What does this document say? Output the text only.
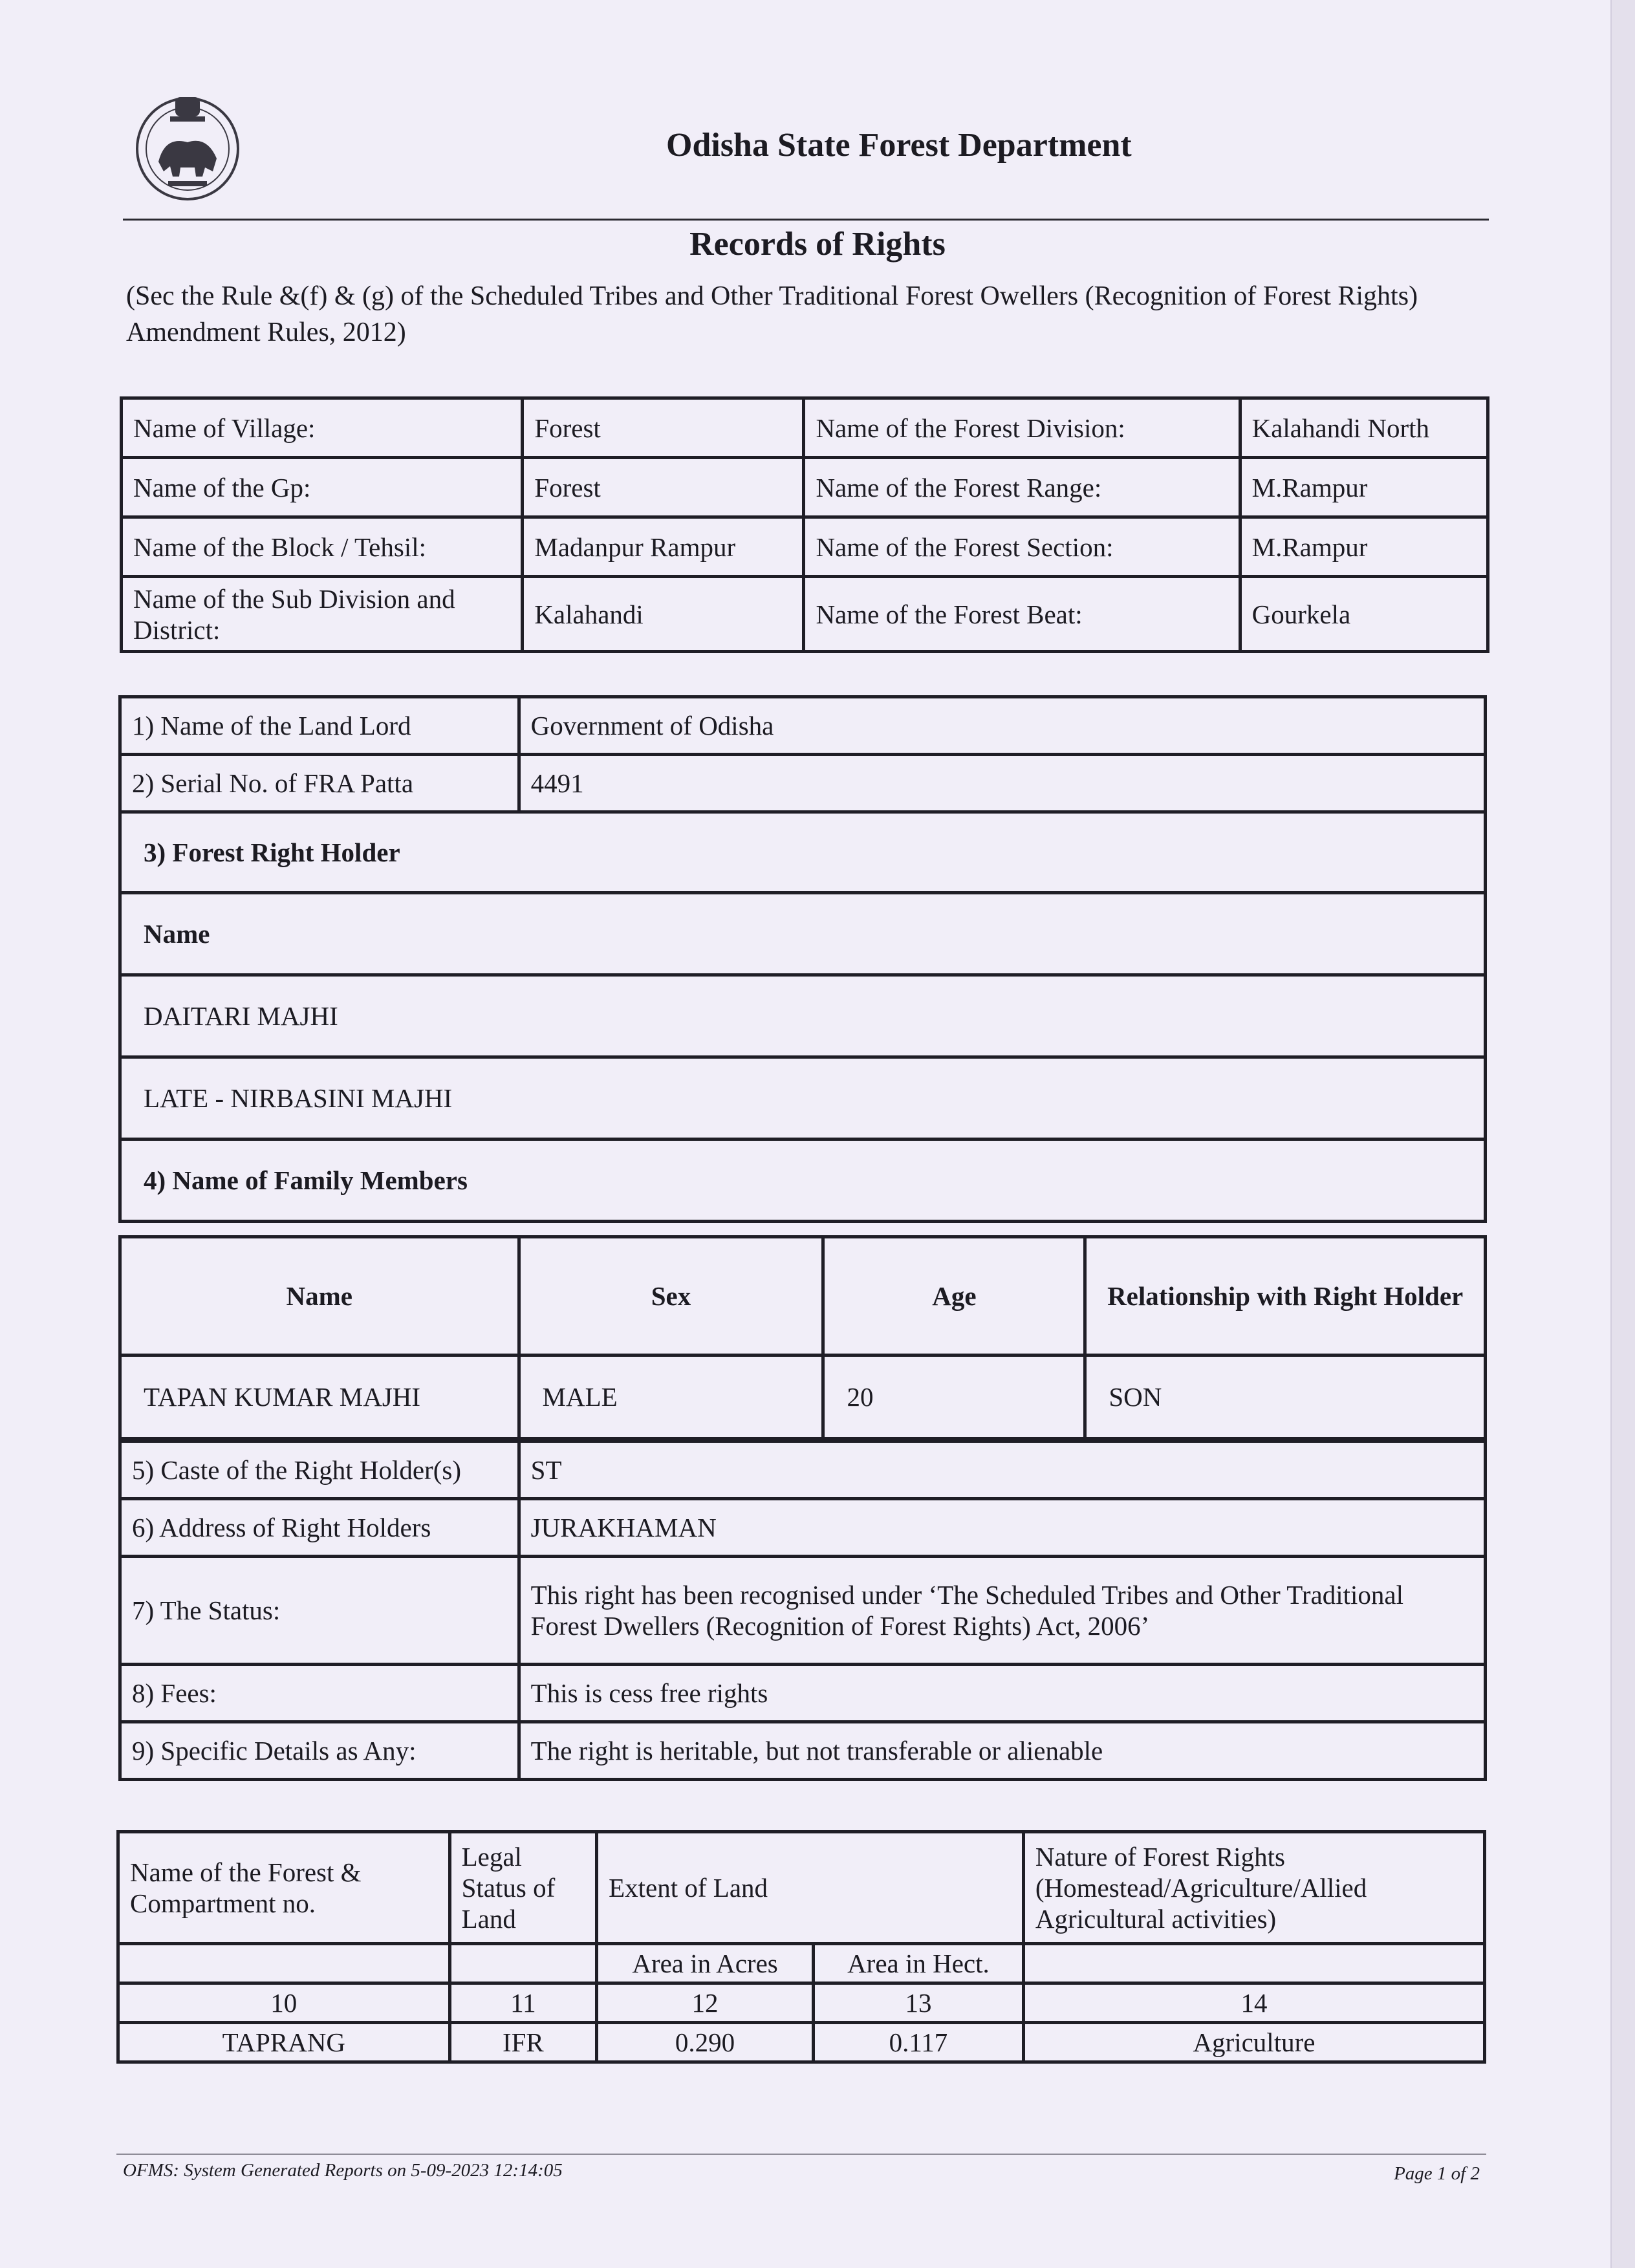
Odisha State Forest Department
Records of Rights
(Sec the Rule &(f) & (g) of the Scheduled Tribes and Other Traditional Forest Owellers (Recognition of Forest Rights) Amendment Rules, 2012)
Name of Village:	Forest	Name of the Forest Division:	Kalahandi North
Name of the Gp:	Forest	Name of the Forest Range:	M.Rampur
Name of the Block / Tehsil:	Madanpur Rampur	Name of the Forest Section:	M.Rampur
Name of the Sub Division and District:	Kalahandi	Name of the Forest Beat:	Gourkela
1) Name of the Land Lord	Government of Odisha
2) Serial No. of FRA Patta	4491
3) Forest Right Holder	
Name	
DAITARI MAJHI	
LATE - NIRBASINI MAJHI	
4) Name of Family Members	
Name	Sex	Age	Relationship with Right Holder
TAPAN KUMAR MAJHI	MALE	20	SON
5) Caste of the Right Holder(s)	ST
6) Address of Right Holders	JURAKHAMAN
7) The Status:	This right has been recognised under ‘The Scheduled Tribes and Other Traditional
Forest Dwellers (Recognition of Forest Rights) Act, 2006’

8) Fees:	This is cess free rights
9) Specific Details as Any:	The right is heritable, but not transferable or alienable
Name of the Forest & Compartment no.	Legal Status of Land	Extent of Land		Nature of Forest Rights (Homestead/Agriculture/Allied Agricultural activities)
		Area in Acres	Area in Hect.	
10	11	12	13	14
TAPRANG	IFR	0.290	0.117	Agriculture
OFMS: System Generated Reports on 5-09-2023 12:14:05	Page 1 of 2
